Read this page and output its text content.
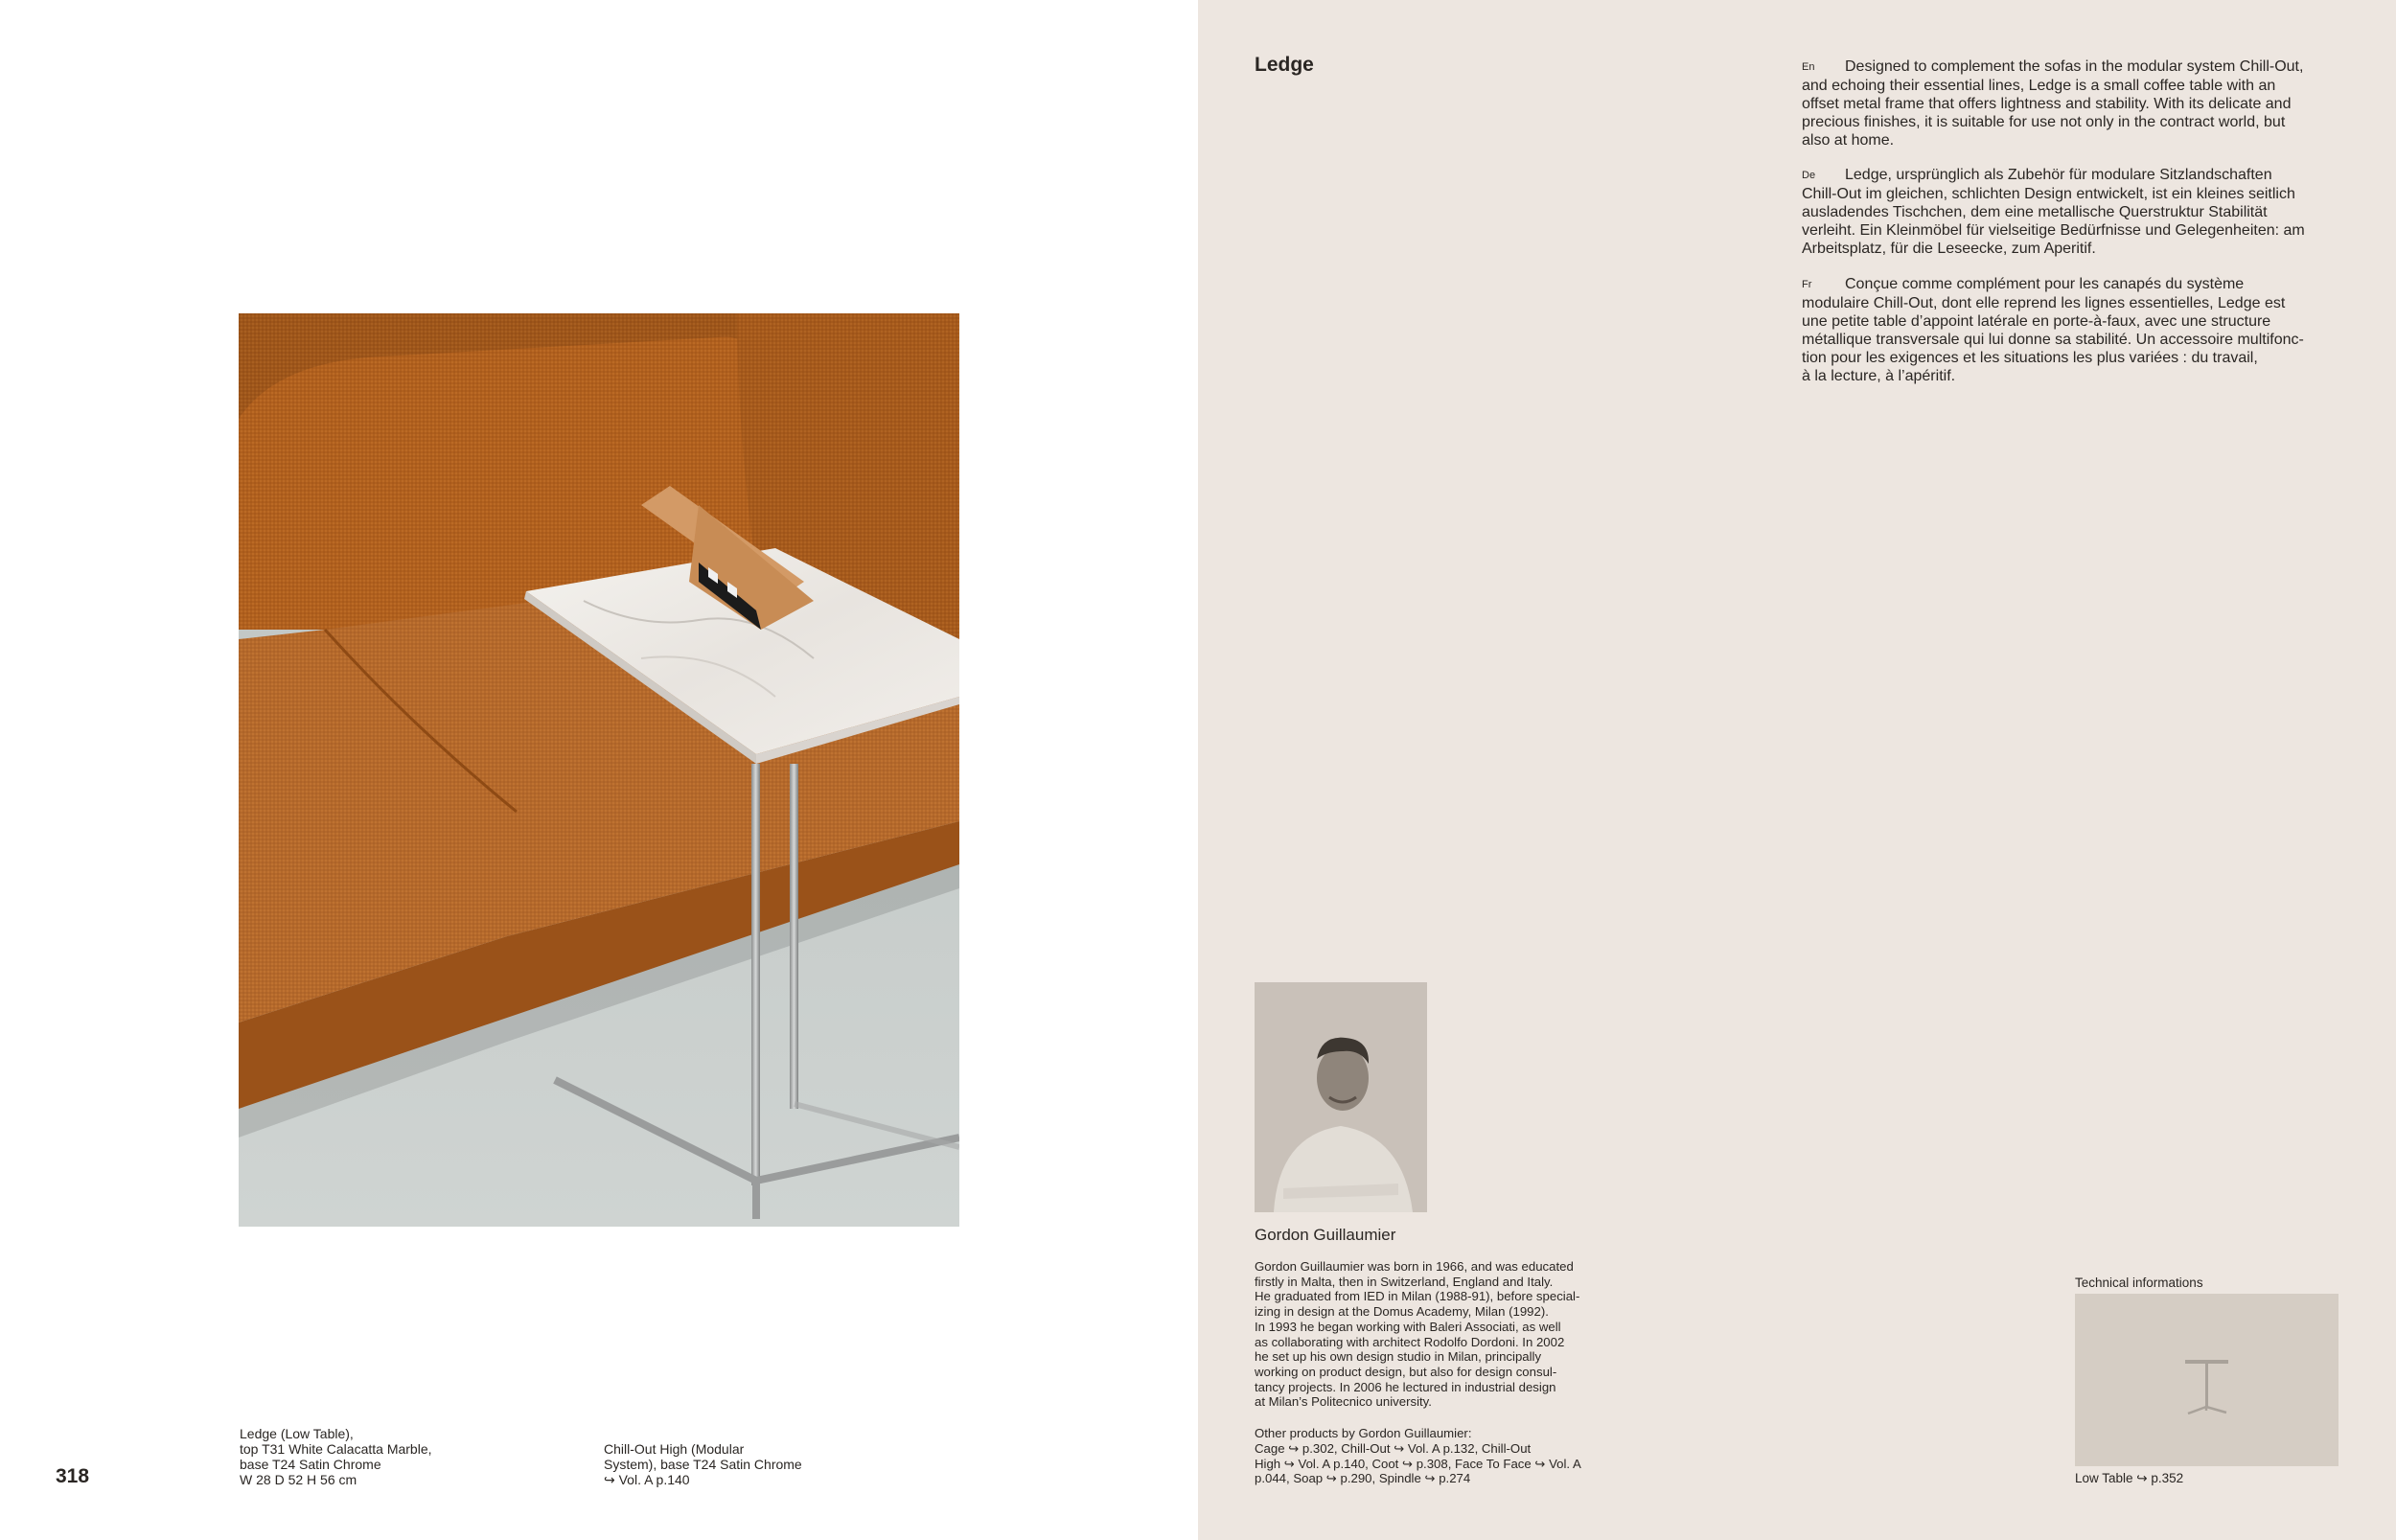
Ledge (Low Table),
top T31 White Calacatta Marble,
base T24 Satin Chrome
W 28 D 52 H 56 cm
Chill-Out High (Modular
System), base T24 Satin Chrome
↪ Vol. A p.140
318
Ledge	En Designed to complement the sofas in the modular system Chill-Out,
and echoing their essential lines, Ledge is a small coffee table with an
offset metal frame that offers lightness and stability. With its delicate and
precious finishes, it is suitable for use not only in the contract world, but
also at home.
De Ledge, ursprünglich als Zubehör für modulare Sitzlandschaften
Chill-Out im gleichen, schlichten Design entwickelt, ist ein kleines seitlich
ausladendes Tischchen, dem eine metallische Querstruktur Stabilität
verleiht. Ein Kleinmöbel für vielseitige Bedürfnisse und Gelegenheiten: am
Arbeitsplatz, für die Leseecke, zum Aperitif.
Fr Conçue comme complément pour les canapés du système
modulaire Chill-Out, dont elle reprend les lignes essentielles, Ledge est
une petite table d’appoint latérale en porte-à-faux, avec une structure
métallique transversale qui lui donne sa stabilité. Un accessoire multifonc-
tion pour les exigences et les situations les plus variées : du travail,
à la lecture, à l’apéritif.
Gordon Guillaumier
Gordon Guillaumier was born in 1966, and was educated
firstly in Malta, then in Switzerland, England and Italy.
He graduated from IED in Milan (1988-91), before special-
izing in design at the Domus Academy, Milan (1992).
In 1993 he began working with Baleri Associati, as well
as collaborating with architect Rodolfo Dordoni. In 2002
he set up his own design studio in Milan, principally
working on product design, but also for design consul-
tancy projects. In 2006 he lectured in industrial design
at Milan’s Politecnico university.
Other products by Gordon Guillaumier:
Cage ↪ p.302, Chill-Out ↪ Vol. A p.132, Chill-Out
High ↪ Vol. A p.140, Coot ↪ p.308, Face To Face ↪ Vol. A
p.044, Soap ↪ p.290, Spindle ↪ p.274
Technical informations
Low Table ↪ p.352
